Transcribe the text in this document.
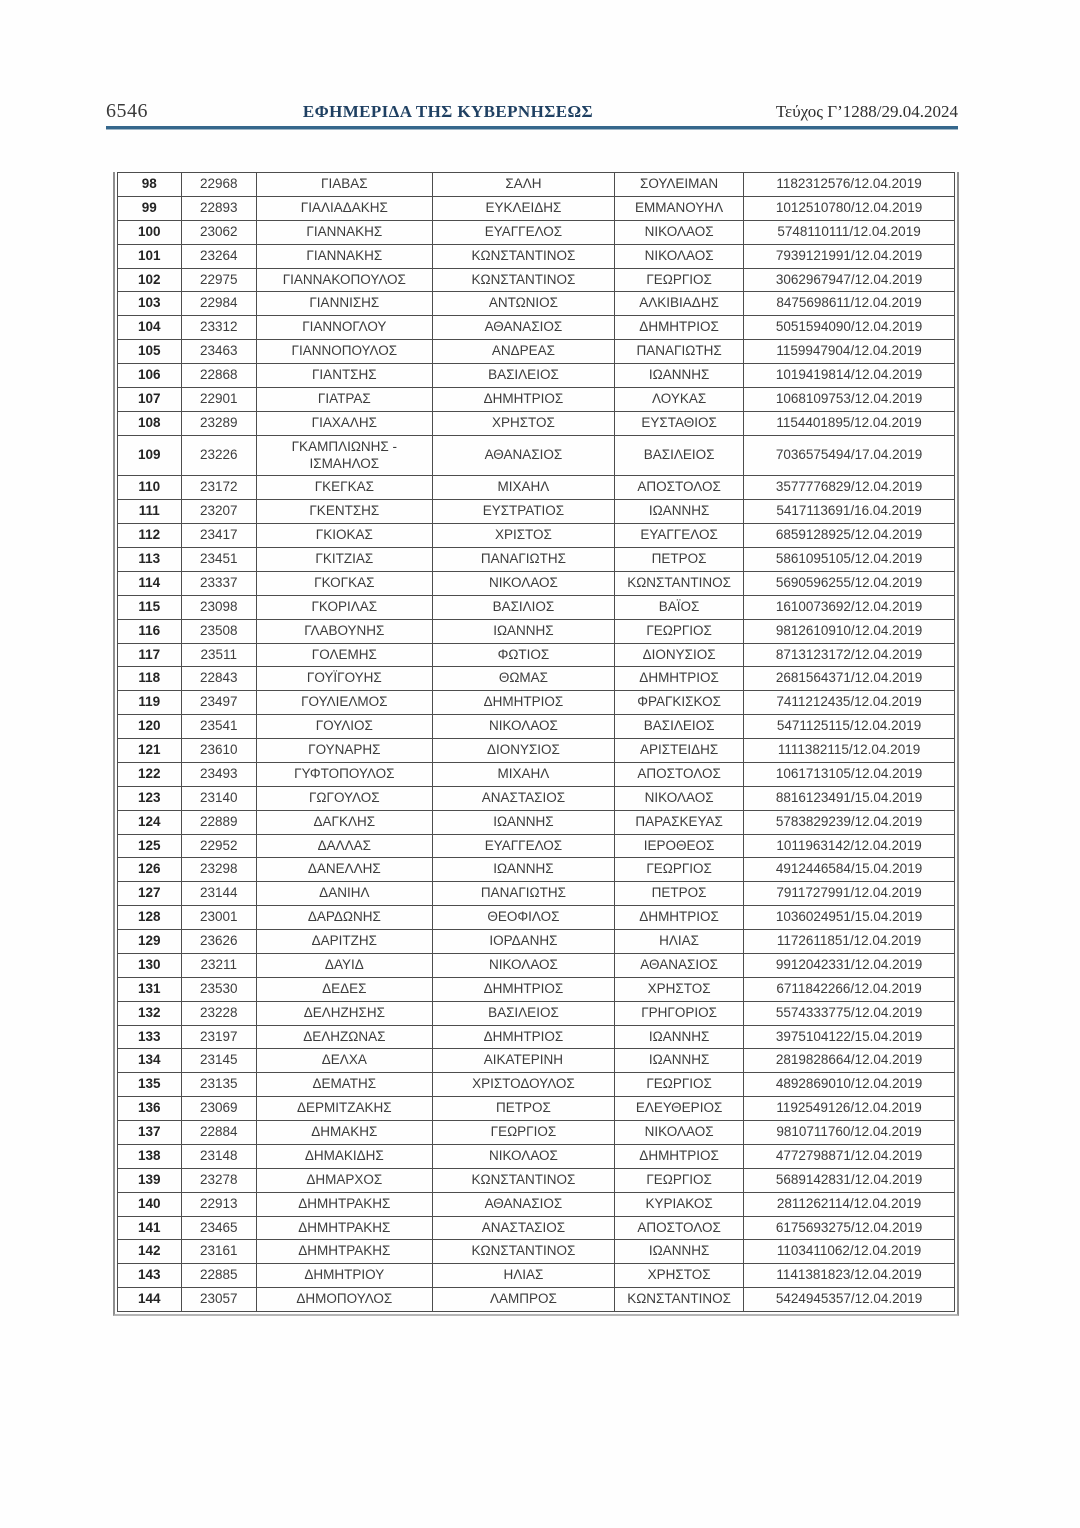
6546	ΕΦΗΜΕΡΙΔΑ ΤΗΣ ΚΥΒΕΡΝΗΣΕΩΣ	Τεύχος Γ’1288/29.04.2024
98	22968	ΓΙΑΒΑΣ	ΣΑΛΗ	ΣΟΥΛΕΙΜΑΝ	1182312576/12.04.2019
99	22893	ΓΙΑΛΙΑΔΑΚΗΣ	ΕΥΚΛΕΙΔΗΣ	ΕΜΜΑΝΟΥΗΛ	1012510780/12.04.2019
100	23062	ΓΙΑΝΝΑΚΗΣ	ΕΥΑΓΓΕΛΟΣ	ΝΙΚΟΛΑΟΣ	5748110111/12.04.2019
101	23264	ΓΙΑΝΝΑΚΗΣ	ΚΩΝΣΤΑΝΤΙΝΟΣ	ΝΙΚΟΛΑΟΣ	7939121991/12.04.2019
102	22975	ΓΙΑΝΝΑΚΟΠΟΥΛΟΣ	ΚΩΝΣΤΑΝΤΙΝΟΣ	ΓΕΩΡΓΙΟΣ	3062967947/12.04.2019
103	22984	ΓΙΑΝΝΙΣΗΣ	ΑΝΤΩΝΙΟΣ	ΑΛΚΙΒΙΑΔΗΣ	8475698611/12.04.2019
104	23312	ΓΙΑΝΝΟΓΛΟΥ	ΑΘΑΝΑΣΙΟΣ	ΔΗΜΗΤΡΙΟΣ	5051594090/12.04.2019
105	23463	ΓΙΑΝΝΟΠΟΥΛΟΣ	ΑΝΔΡΕΑΣ	ΠΑΝΑΓΙΩΤΗΣ	1159947904/12.04.2019
106	22868	ΓΙΑΝΤΣΗΣ	ΒΑΣΙΛΕΙΟΣ	ΙΩΑΝΝΗΣ	1019419814/12.04.2019
107	22901	ΓΙΑΤΡΑΣ	ΔΗΜΗΤΡΙΟΣ	ΛΟΥΚΑΣ	1068109753/12.04.2019
108	23289	ΓΙΑΧΑΛΗΣ	ΧΡΗΣΤΟΣ	ΕΥΣΤΑΘΙΟΣ	1154401895/12.04.2019
109	23226	ΓΚΑΜΠΛΙΩΝΗΣ - ΙΣΜΑΗΛΟΣ	ΑΘΑΝΑΣΙΟΣ	ΒΑΣΙΛΕΙΟΣ	7036575494/17.04.2019
110	23172	ΓΚΕΓΚΑΣ	ΜΙΧΑΗΛ	ΑΠΟΣΤΟΛΟΣ	3577776829/12.04.2019
111	23207	ΓΚΕΝΤΣΗΣ	ΕΥΣΤΡΑΤΙΟΣ	ΙΩΑΝΝΗΣ	5417113691/16.04.2019
112	23417	ΓΚΙΟΚΑΣ	ΧΡΙΣΤΟΣ	ΕΥΑΓΓΕΛΟΣ	6859128925/12.04.2019
113	23451	ΓΚΙΤΖΙΑΣ	ΠΑΝΑΓΙΩΤΗΣ	ΠΕΤΡΟΣ	5861095105/12.04.2019
114	23337	ΓΚΟΓΚΑΣ	ΝΙΚΟΛΑΟΣ	ΚΩΝΣΤΑΝΤΙΝΟΣ	5690596255/12.04.2019
115	23098	ΓΚΟΡΙΛΑΣ	ΒΑΣΙΛΙΟΣ	ΒΑΪΟΣ	1610073692/12.04.2019
116	23508	ΓΛΑΒΟΥΝΗΣ	ΙΩΑΝΝΗΣ	ΓΕΩΡΓΙΟΣ	9812610910/12.04.2019
117	23511	ΓΟΛΕΜΗΣ	ΦΩΤΙΟΣ	ΔΙΟΝΥΣΙΟΣ	8713123172/12.04.2019
118	22843	ΓΟΥΪΓΟΥΗΣ	ΘΩΜΑΣ	ΔΗΜΗΤΡΙΟΣ	2681564371/12.04.2019
119	23497	ΓΟΥΛΙΕΛΜΟΣ	ΔΗΜΗΤΡΙΟΣ	ΦΡΑΓΚΙΣΚΟΣ	7411212435/12.04.2019
120	23541	ΓΟΥΛΙΟΣ	ΝΙΚΟΛΑΟΣ	ΒΑΣΙΛΕΙΟΣ	5471125115/12.04.2019
121	23610	ΓΟΥΝΑΡΗΣ	ΔΙΟΝΥΣΙΟΣ	ΑΡΙΣΤΕΙΔΗΣ	1111382115/12.04.2019
122	23493	ΓΥΦΤΟΠΟΥΛΟΣ	ΜΙΧΑΗΛ	ΑΠΟΣΤΟΛΟΣ	1061713105/12.04.2019
123	23140	ΓΩΓΟΥΛΟΣ	ΑΝΑΣΤΑΣΙΟΣ	ΝΙΚΟΛΑΟΣ	8816123491/15.04.2019
124	22889	ΔΑΓΚΛΗΣ	ΙΩΑΝΝΗΣ	ΠΑΡΑΣΚΕΥΑΣ	5783829239/12.04.2019
125	22952	ΔΑΛΛΑΣ	ΕΥΑΓΓΕΛΟΣ	ΙΕΡΟΘΕΟΣ	1011963142/12.04.2019
126	23298	ΔΑΝΕΛΛΗΣ	ΙΩΑΝΝΗΣ	ΓΕΩΡΓΙΟΣ	4912446584/15.04.2019
127	23144	ΔΑΝΙΗΛ	ΠΑΝΑΓΙΩΤΗΣ	ΠΕΤΡΟΣ	7911727991/12.04.2019
128	23001	ΔΑΡΔΩΝΗΣ	ΘΕΟΦΙΛΟΣ	ΔΗΜΗΤΡΙΟΣ	1036024951/15.04.2019
129	23626	ΔΑΡΙΤΖΗΣ	ΙΟΡΔΑΝΗΣ	ΗΛΙΑΣ	1172611851/12.04.2019
130	23211	ΔΑΥΙΔ	ΝΙΚΟΛΑΟΣ	ΑΘΑΝΑΣΙΟΣ	9912042331/12.04.2019
131	23530	ΔΕΔΕΣ	ΔΗΜΗΤΡΙΟΣ	ΧΡΗΣΤΟΣ	6711842266/12.04.2019
132	23228	ΔΕΛΗΖΗΣΗΣ	ΒΑΣΙΛΕΙΟΣ	ΓΡΗΓΟΡΙΟΣ	5574333775/12.04.2019
133	23197	ΔΕΛΗΖΩΝΑΣ	ΔΗΜΗΤΡΙΟΣ	ΙΩΑΝΝΗΣ	3975104122/15.04.2019
134	23145	ΔΕΛΧΑ	ΑΙΚΑΤΕΡΙΝΗ	ΙΩΑΝΝΗΣ	2819828664/12.04.2019
135	23135	ΔΕΜΑΤΗΣ	ΧΡΙΣΤΟΔΟΥΛΟΣ	ΓΕΩΡΓΙΟΣ	4892869010/12.04.2019
136	23069	ΔΕΡΜΙΤΖΑΚΗΣ	ΠΕΤΡΟΣ	ΕΛΕΥΘΕΡΙΟΣ	1192549126/12.04.2019
137	22884	ΔΗΜΑΚΗΣ	ΓΕΩΡΓΙΟΣ	ΝΙΚΟΛΑΟΣ	9810711760/12.04.2019
138	23148	ΔΗΜΑΚΙΔΗΣ	ΝΙΚΟΛΑΟΣ	ΔΗΜΗΤΡΙΟΣ	4772798871/12.04.2019
139	23278	ΔΗΜΑΡΧΟΣ	ΚΩΝΣΤΑΝΤΙΝΟΣ	ΓΕΩΡΓΙΟΣ	5689142831/12.04.2019
140	22913	ΔΗΜΗΤΡΑΚΗΣ	ΑΘΑΝΑΣΙΟΣ	ΚΥΡΙΑΚΟΣ	2811262114/12.04.2019
141	23465	ΔΗΜΗΤΡΑΚΗΣ	ΑΝΑΣΤΑΣΙΟΣ	ΑΠΟΣΤΟΛΟΣ	6175693275/12.04.2019
142	23161	ΔΗΜΗΤΡΑΚΗΣ	ΚΩΝΣΤΑΝΤΙΝΟΣ	ΙΩΑΝΝΗΣ	1103411062/12.04.2019
143	22885	ΔΗΜΗΤΡΙΟΥ	ΗΛΙΑΣ	ΧΡΗΣΤΟΣ	1141381823/12.04.2019
144	23057	ΔΗΜΟΠΟΥΛΟΣ	ΛΑΜΠΡΟΣ	ΚΩΝΣΤΑΝΤΙΝΟΣ	5424945357/12.04.2019
